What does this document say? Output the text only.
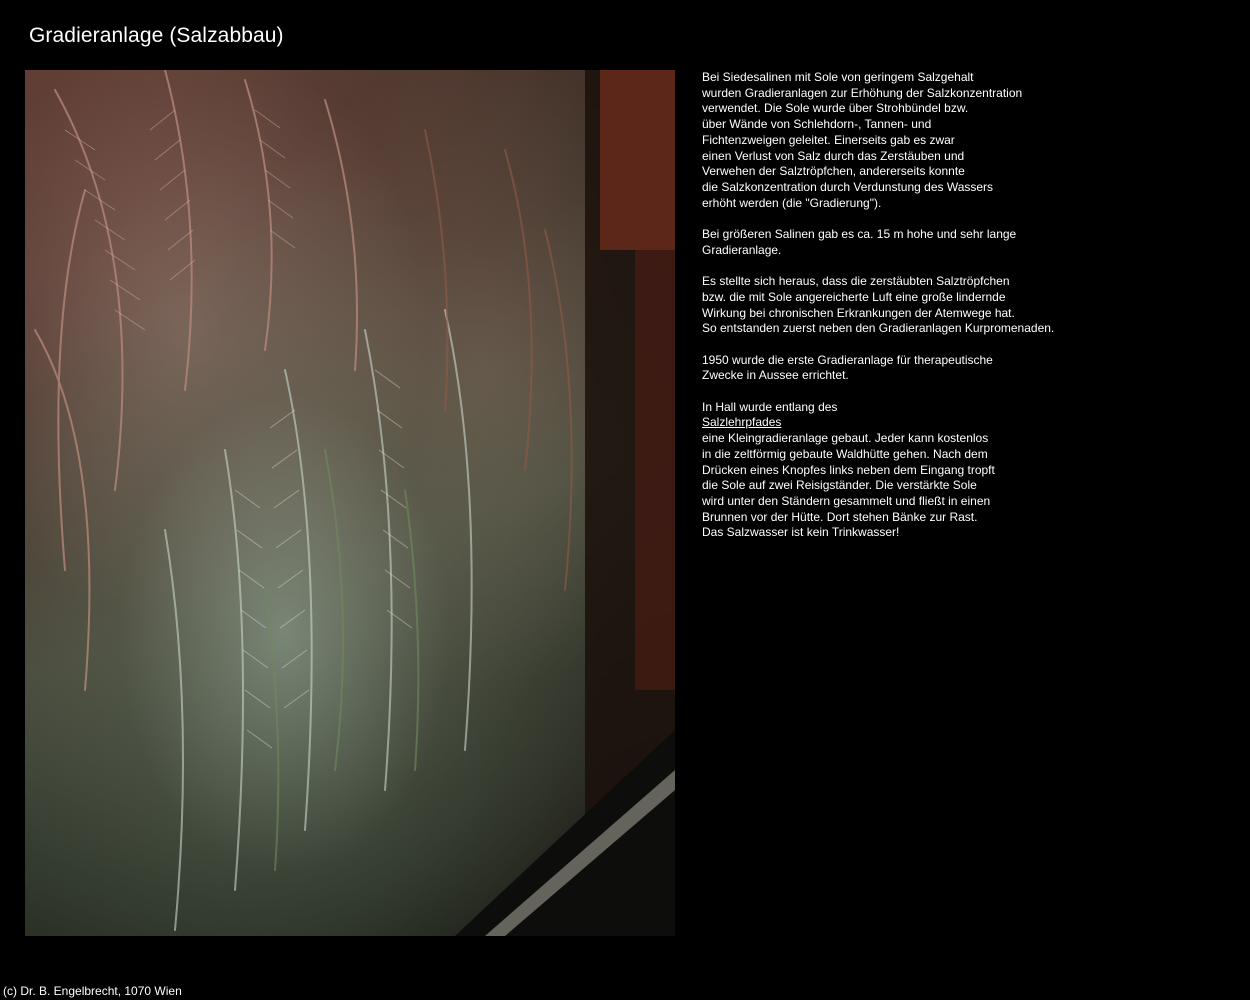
Gradieranlage (Salzabbau)

Bei Siedesalinen mit Sole von geringem Salzgehalt
wurden Gradieranlagen zur Erhöhung der Salzkonzentration
verwendet. Die Sole wurde über Strohbündel bzw.
über Wände von Schlehdorn-, Tannen- und
Fichtenzweigen geleitet. Einerseits gab es zwar
einen Verlust von Salz durch das Zerstäuben und
Verwehen der Salztröpfchen, andererseits konnte
die Salzkonzentration durch Verdunstung des Wassers
erhöht werden (die "Gradierung").

Bei größeren Salinen gab es ca. 15 m hohe und sehr lange
Gradieranlage.

Es stellte sich heraus, dass die zerstäubten Salztröpfchen
bzw. die mit Sole angereicherte Luft eine große lindernde
Wirkung bei chronischen Erkrankungen der Atemwege hat.
So entstanden zuerst neben den Gradieranlagen Kurpromenaden.

1950 wurde die erste Gradieranlage für therapeutische
Zwecke in Aussee errichtet.

In Hall wurde entlang des
Salzlehrpfades
eine Kleingradieranlage gebaut. Jeder kann kostenlos
in die zeltförmig gebaute Waldhütte gehen. Nach dem
Drücken eines Knopfes links neben dem Eingang tropft
die Sole auf zwei Reisigständer. Die verstärkte Sole
wird unter den Ständern gesammelt und fließt in einen
Brunnen vor der Hütte. Dort stehen Bänke zur Rast.
Das Salzwasser ist kein Trinkwasser!

(c) Dr. B. Engelbrecht, 1070 Wien
